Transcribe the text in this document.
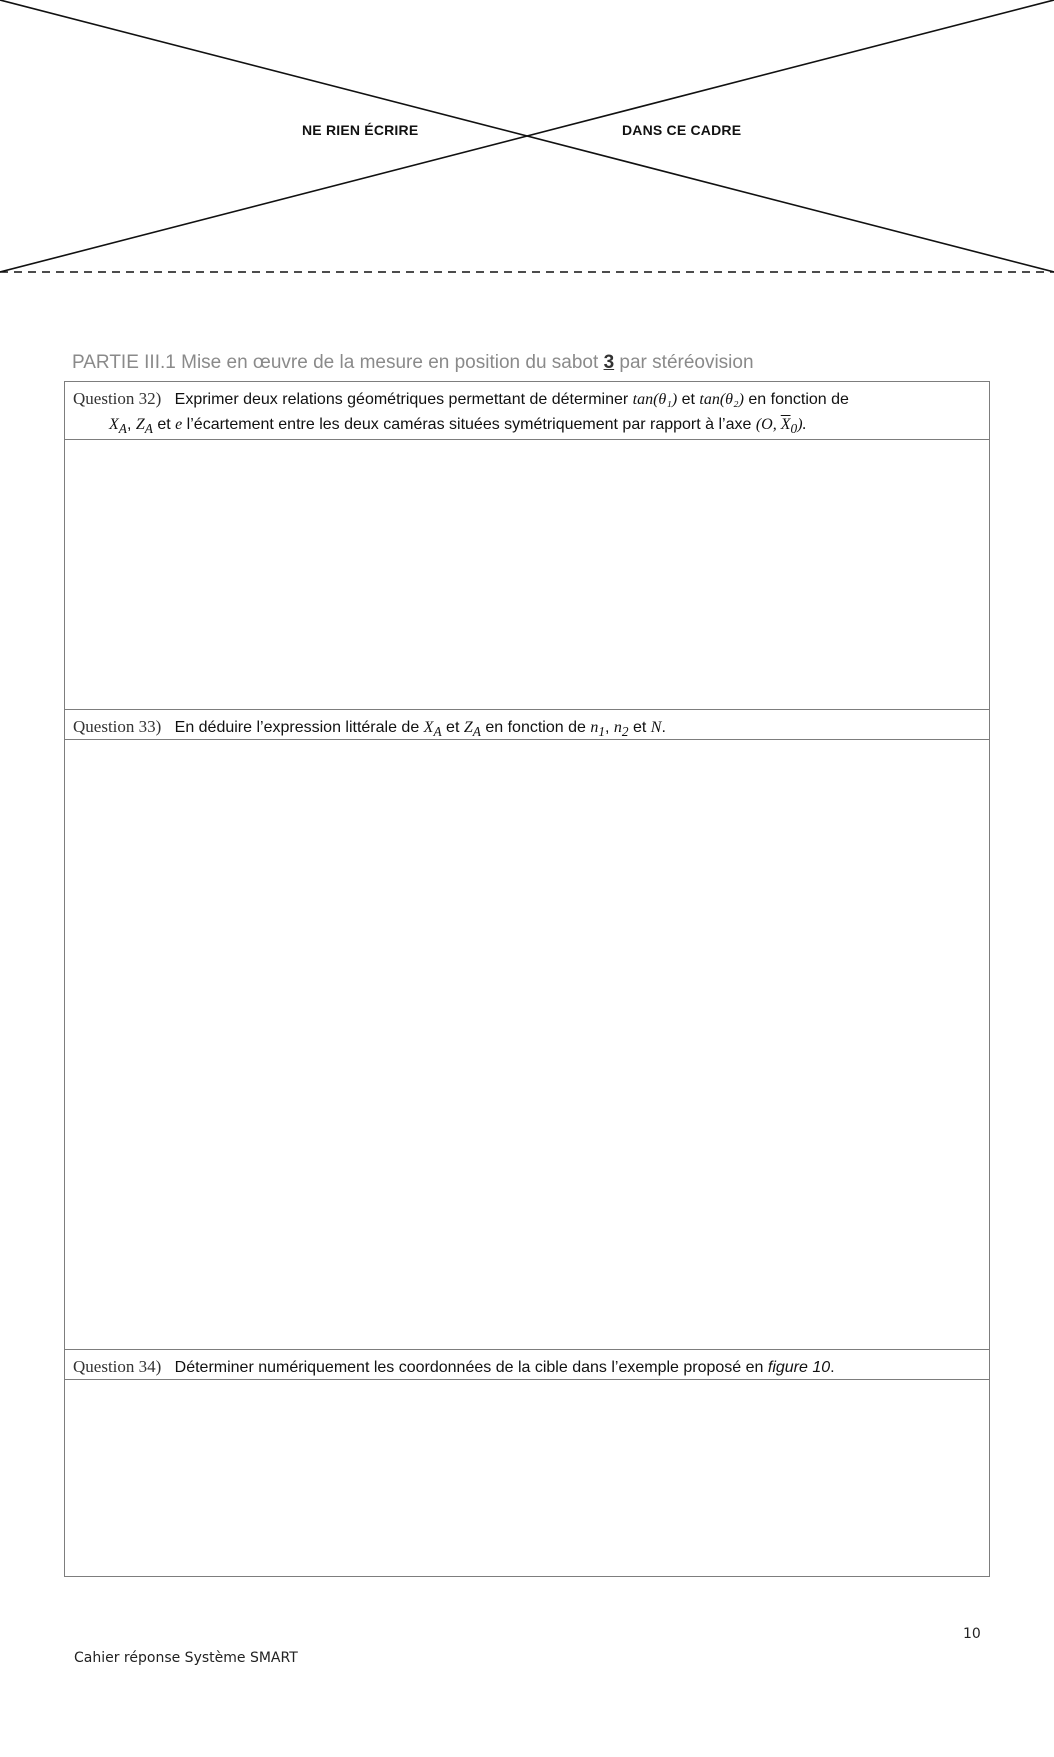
NE RIEN ÉCRIRE	DANS CE CADRE
PARTIE III.1 Mise en œuvre de la mesure en position du sabot 3 par stéréovision
Question 32) Exprimer deux relations géométriques permettant de déterminer tan(θ₁) et tan(θ₂) en fonction de
$X_A$, $Z_A$ et e l’écartement entre les deux caméras situées symétriquement par rapport à l’axe (O, $\overline{X}_0$).
Question 33) En déduire l’expression littérale de $X_A$ et $Z_A$ en fonction de $n_1$, $n_2$ et N.
Question 34) Déterminer numériquement les coordonnées de la cible dans l’exemple proposé en figure 10.
10
Cahier réponse Système SMART
